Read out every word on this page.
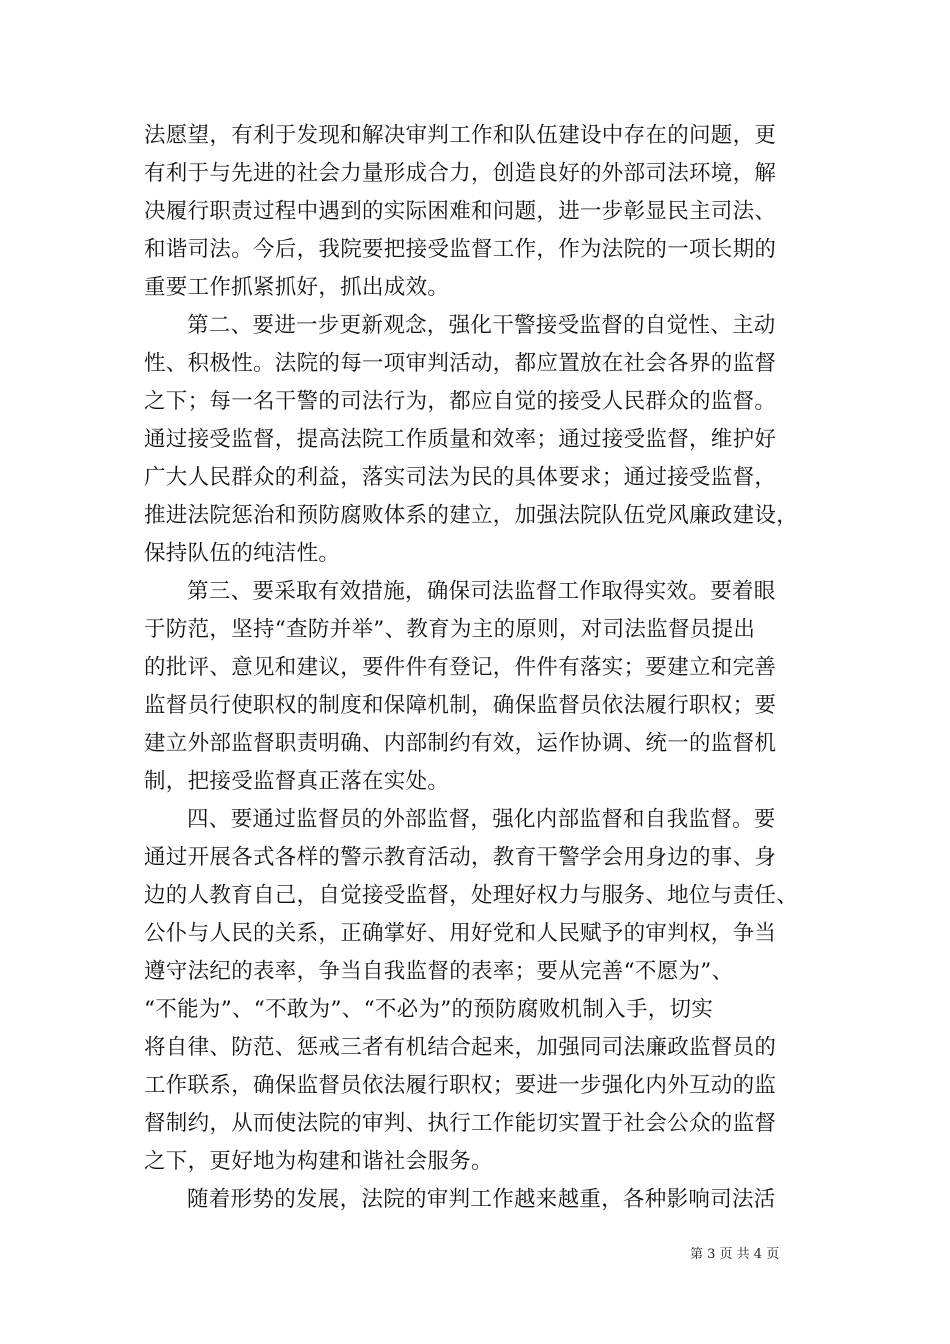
法愿望，有利于发现和解决审判工作和队伍建设中存在的问题，更
有利于与先进的社会力量形成合力，创造良好的外部司法环境，解
决履行职责过程中遇到的实际困难和问题，进一步彰显民主司法、
和谐司法。今后，我院要把接受监督工作，作为法院的一项长期的
重要工作抓紧抓好，抓出成效。
第二、要进一步更新观念，强化干警接受监督的自觉性、主动
性、积极性。法院的每一项审判活动，都应置放在社会各界的监督
之下；每一名干警的司法行为，都应自觉的接受人民群众的监督。
通过接受监督，提高法院工作质量和效率；通过接受监督，维护好
广大人民群众的利益，落实司法为民的具体要求；通过接受监督，
推进法院惩治和预防腐败体系的建立，加强法院队伍党风廉政建设，
保持队伍的纯洁性。
第三、要采取有效措施，确保司法监督工作取得实效。要着眼
于防范，坚持“查防并举”、教育为主的原则，对司法监督员提出
的批评、意见和建议，要件件有登记，件件有落实；要建立和完善
监督员行使职权的制度和保障机制，确保监督员依法履行职权；要
建立外部监督职责明确、内部制约有效，运作协调、统一的监督机
制，把接受监督真正落在实处。
四、要通过监督员的外部监督，强化内部监督和自我监督。要
通过开展各式各样的警示教育活动，教育干警学会用身边的事、身
边的人教育自己，自觉接受监督，处理好权力与服务、地位与责任、
公仆与人民的关系，正确掌好、用好党和人民赋予的审判权，争当
遵守法纪的表率，争当自我监督的表率；要从完善“不愿为”、
“不能为”、“不敢为”、“不必为”的预防腐败机制入手，切实
将自律、防范、惩戒三者有机结合起来，加强同司法廉政监督员的
工作联系，确保监督员依法履行职权；要进一步强化内外互动的监
督制约，从而使法院的审判、执行工作能切实置于社会公众的监督
之下，更好地为构建和谐社会服务。
随着形势的发展，法院的审判工作越来越重，各种影响司法活
第 3 页 共 4 页
